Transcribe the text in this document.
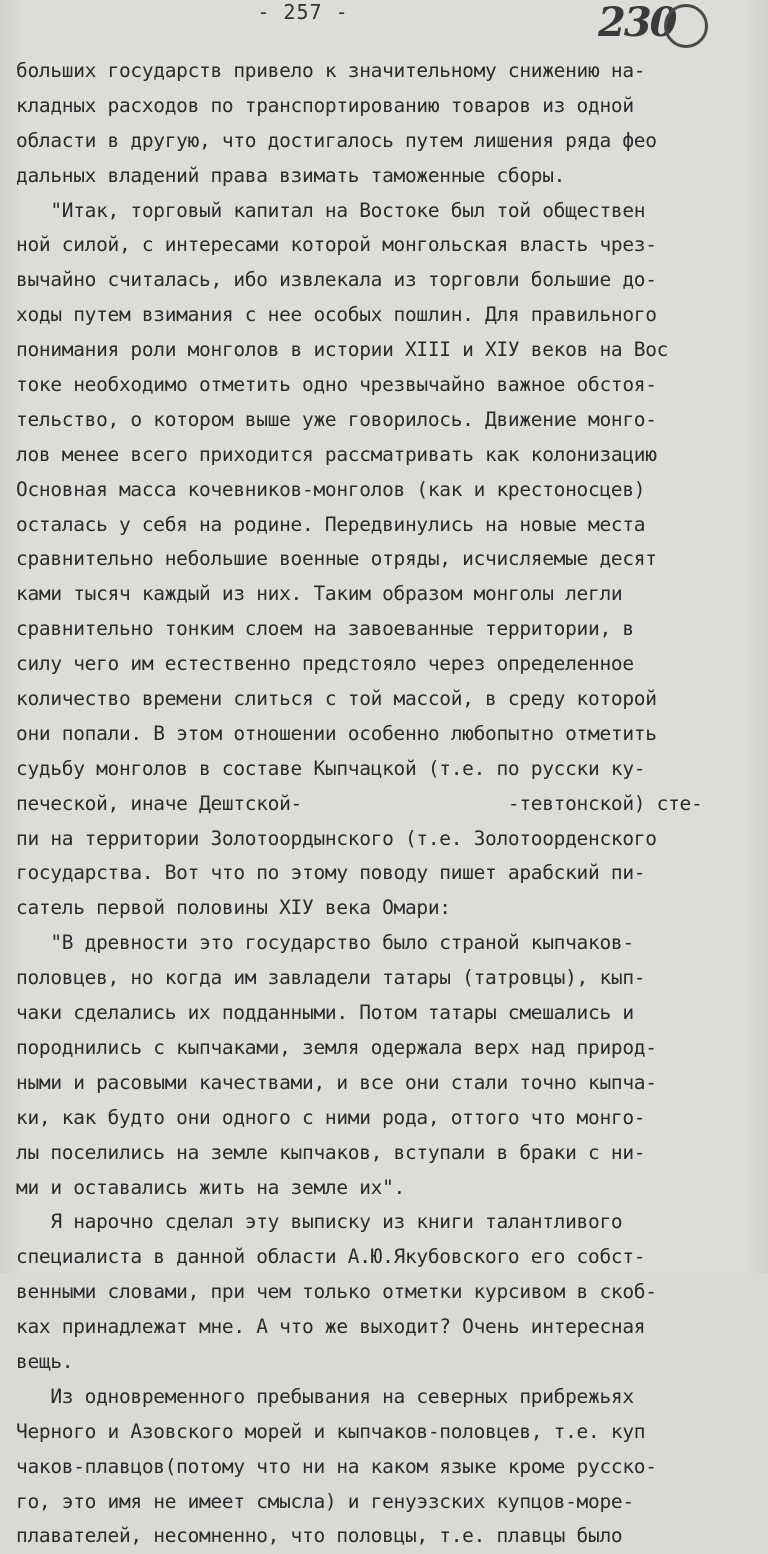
- 257 -	230
больших государств привело к значительному снижению на-
кладных расходов по транспортированию товаров из одной
области в другую, что достигалось путем лишения ряда фео
дальных владений права взимать таможенные сборы.
"Итак, торговый капитал на Востоке был той обществен
ной силой, с интересами которой монгольская власть чрез-
вычайно считалась, ибо извлекала из торговли большие до-
ходы путем взимания с нее особых пошлин. Для правильного
понимания роли монголов в истории XIII и XIУ веков на Вос
токе необходимо отметить одно чрезвычайно важное обстоя-
тельство, о котором выше уже говорилось. Движение монго-
лов менее всего приходится рассматривать как колонизацию
Основная масса кочевников-монголов (как и крестоносцев)
осталась у себя на родине. Передвинулись на новые места
сравнительно небольшие военные отряды, исчисляемые десят
ками тысяч каждый из них. Таким образом монголы легли
сравнительно тонким слоем на завоеванные территории, в
силу чего им естественно предстояло через определенное
количество времени слиться с той массой, в среду которой
они попали. В этом отношении особенно любопытно отметить
судьбу монголов в составе Кыпчацкой (т.е. по русски ку-
печеской, иначе Дештской-                  -тевтонской) сте-
пи на территории Золотоордынского (т.е. Золотоорденского
государства. Вот что по этому поводу пишет арабский пи-
сатель первой половины XIУ века Омари:
"В древности это государство было страной кыпчаков-
половцев, но когда им завладели татары (татровцы), кып-
чаки сделались их подданными. Потом татары смешались и
породнились с кыпчаками, земля одержала верх над природ-
ными и расовыми качествами, и все они стали точно кыпча-
ки, как будто они одного с ними рода, оттого что монго-
лы поселились на земле кыпчаков, вступали в браки с ни-
ми и оставались жить на земле их".
Я нарочно сделал эту выписку из книги талантливого
специалиста в данной области А.Ю.Якубовского его собст-
венными словами, при чем только отметки курсивом в скоб-
ках принадлежат мне. А что же выходит? Очень интересная
вещь.
Из одновременного пребывания на северных прибрежьях
Черного и Азовского морей и кыпчаков-половцев, т.е. куп
чаков-плавцов(потому что ни на каком языке кроме русско-
го, это имя не имеет смысла) и генуэзских купцов-море-
плавателей, несомненно, что половцы, т.е. плавцы было
